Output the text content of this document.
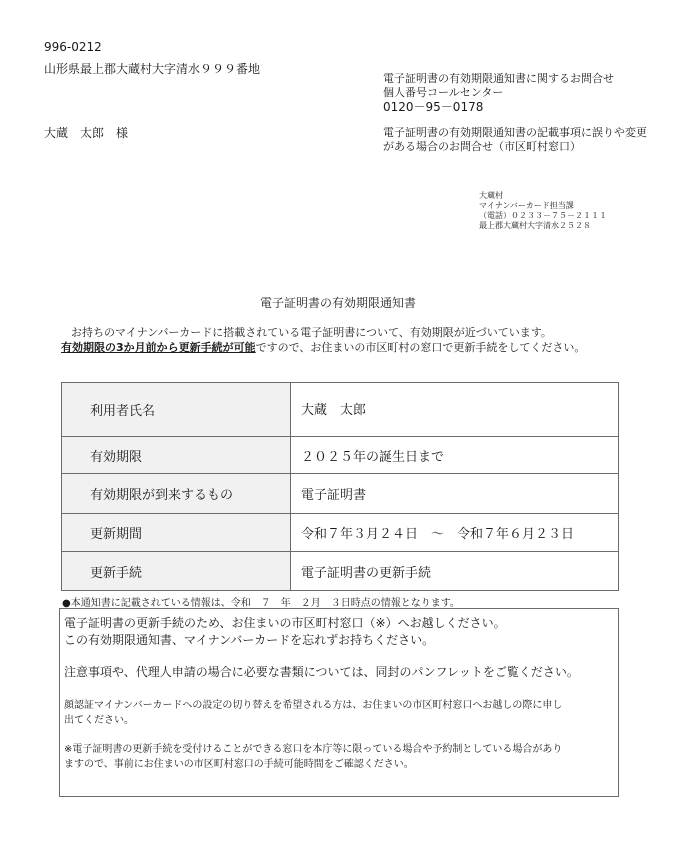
996-0212
山形県最上郡大蔵村大字清水９９９番地
大蔵　太郎　様
電子証明書の有効期限通知書に関するお問合せ
個人番号コールセンター
0120－95－0178
電子証明書の有効期限通知書の記載事項に誤りや変更
がある場合のお問合せ（市区町村窓口）
大蔵村
マイナンバーカード担当課
（電話）０２３３－７５－２１１１
最上郡大蔵村大字清水２５２８
電子証明書の有効期限通知書
お持ちのマイナンバーカードに搭載されている電子証明書について、有効期限が近づいています。
有効期限の3か月前から更新手続が可能ですので、お住まいの市区町村の窓口で更新手続をしてください。
利用者氏名	大蔵　太郎
有効期限	２０２５年の誕生日まで
有効期限が到来するもの	電子証明書
更新期間	令和７年３月２４日　～　令和７年６月２３日
更新手続	電子証明書の更新手続
●本通知書に記載されている情報は、令和　７　年　２月　３日時点の情報となります。
電子証明書の更新手続のため、お住まいの市区町村窓口（※）へお越しください。
この有効期限通知書、マイナンバーカードを忘れずお持ちください。
注意事項や、代理人申請の場合に必要な書類については、同封のパンフレットをご覧ください。
顔認証マイナンバーカードへの設定の切り替えを希望される方は、お住まいの市区町村窓口へお越しの際に申し
出てください。
※電子証明書の更新手続を受付けることができる窓口を本庁等に限っている場合や予約制としている場合があり
ますので、事前にお住まいの市区町村窓口の手続可能時間をご確認ください。
